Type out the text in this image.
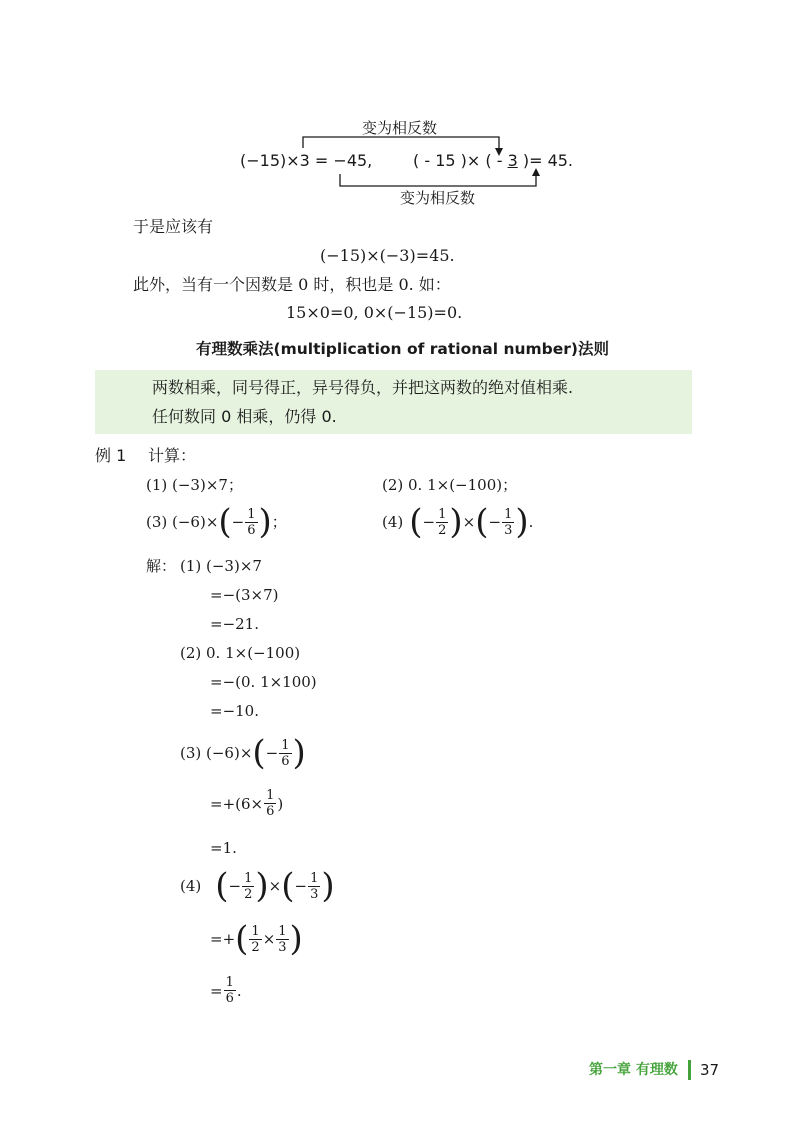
变为相反数
变为相反数
(−15)×3 = −45,	( - 15 )× ( - 3 )= 45.
于是应该有
(−15)×(−3)=45.
此外，当有一个因数是 0 时，积也是 0. 如：
15×0=0, 0×(−15)=0.
有理数乘法(multiplication of rational number)法则
两数相乘，同号得正，异号得负，并把这两数的绝对值相乘.
任何数同 0 相乘，仍得 0.
例 1 计算：
(1) (−3)×7；	(2) 0. 1×(−100)；
(3) (−6)× ( − $\frac{1}{6}$ ) ；	(4) ( − $\frac{1}{2}$ ) × ( − $\frac{1}{3}$ ) .
解： (1) (−3)×7
=−(3×7)
=−21.
(2) 0. 1×(−100)
=−(0. 1×100)
=−10.
(3) (−6)× ( − $\frac{1}{6}$ )
$=+(6\times \frac{1}{6}$ )
=1.
(4) ( − $\frac{1}{2}$ ) × ( − $\frac{1}{3}$ )
=+ ( $\frac{1}{2} \times \frac{1}{3}$ )
= $\frac{1}{6}$ .
第一章 有理数 37
